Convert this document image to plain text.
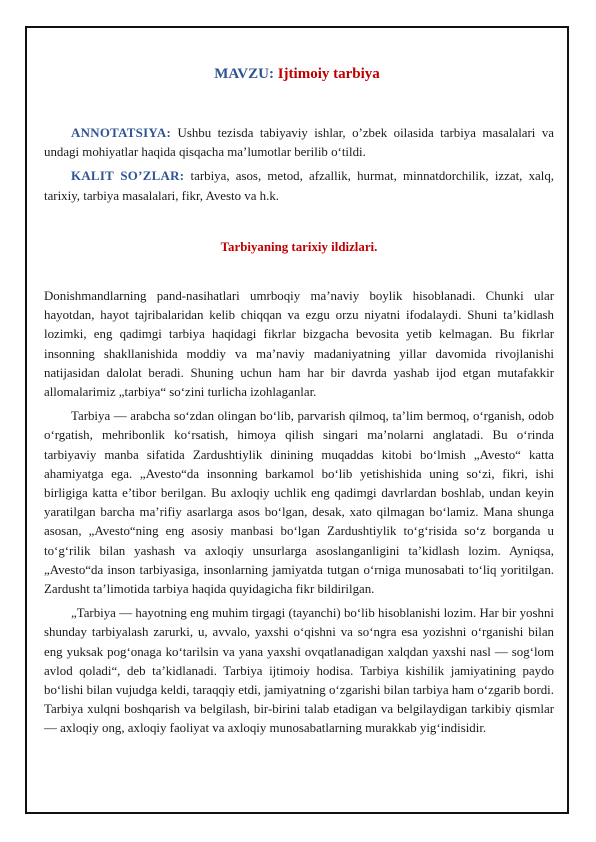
MAVZU: Ijtimoiy tarbiya

ANNOTATSIYA: Ushbu tezisda tabiyaviy ishlar, o’zbek oilasida tarbiya masalalari va undagi mohiyatlar haqida qisqacha ma’lumotlar berilib o‘tildi.

KALIT SO’ZLAR: tarbiya, asos, metod, afzallik, hurmat, minnatdorchilik, izzat, xalq, tarixiy, tarbiya masalalari, fikr, Avesto va h.k.

Tarbiyaning tarixiy ildizlari.

Donishmandlarning pand-nasihatlari umrboqiy ma’naviy boylik hisoblanadi. Chunki ular hayotdan, hayot tajribalaridan kelib chiqqan va ezgu orzu niyatni ifodalaydi. Shuni ta’kidlash lozimki, eng qadimgi tarbiya haqidagi fikrlar bizgacha bevosita yetib kelmagan. Bu fikrlar insonning shakllanishida moddiy va ma’naviy madaniyatning yillar davomida rivojlanishi natijasidan dalolat beradi. Shuning uchun ham har bir davrda yashab ijod etgan mutafakkir allomalarimiz „tarbiya“ so‘zini turlicha izohlaganlar.

Tarbiya — arabcha so‘zdan olingan bo‘lib, parvarish qilmoq, ta’lim bermoq, o‘rganish, odob o‘rgatish, mehribonlik ko‘rsatish, himoya qilish singari ma’nolarni anglatadi. Bu o‘rinda tarbiyaviy manba sifatida Zardushtiylik dinining muqaddas kitobi bo‘lmish „Avesto“ katta ahamiyatga ega. „Avesto“da insonning barkamol bo‘lib yetishishida uning so‘zi, fikri, ishi birligiga katta e’tibor berilgan. Bu axloqiy uchlik eng qadimgi davrlardan boshlab, undan keyin yaratilgan barcha ma’rifiy asarlarga asos bo‘lgan, desak, xato qilmagan bo‘lamiz. Mana shunga asosan, „Avesto“ning eng asosiy manbasi bo‘lgan Zardushtiylik to‘g‘risida so‘z borganda u to‘g‘rilik bilan yashash va axloqiy unsurlarga asoslanganligini ta’kidlash lozim. Ayniqsa, „Avesto“da inson tarbiyasiga, insonlarning jamiyatda tutgan o‘rniga munosabati to‘liq yoritilgan. Zardusht ta’limotida tarbiya haqida quyidagicha fikr bildirilgan.

„Tarbiya — hayotning eng muhim tirgagi (tayanchi) bo‘lib hisoblanishi lozim. Har bir yoshni shunday tarbiyalash zarurki, u, avvalo, yaxshi o‘qishni va so‘ngra esa yozishni o‘rganishi bilan eng yuksak pog‘onaga ko‘tarilsin va yana yaxshi ovqatlanadigan xalqdan yaxshi nasl — sog‘lom avlod qoladi“, deb ta’kidlanadi. Tarbiya ijtimoiy hodisa. Tarbiya kishilik jamiyatining paydo bo‘lishi bilan vujudga keldi, taraqqiy etdi, jamiyatning o‘zgarishi bilan tarbiya ham o‘zgarib bordi. Tarbiya xulqni boshqarish va belgilash, bir-birini talab etadigan va belgilaydigan tarkibiy qismlar — axloqiy ong, axloqiy faoliyat va axloqiy munosabatlarning murakkab yig‘indisidir.
